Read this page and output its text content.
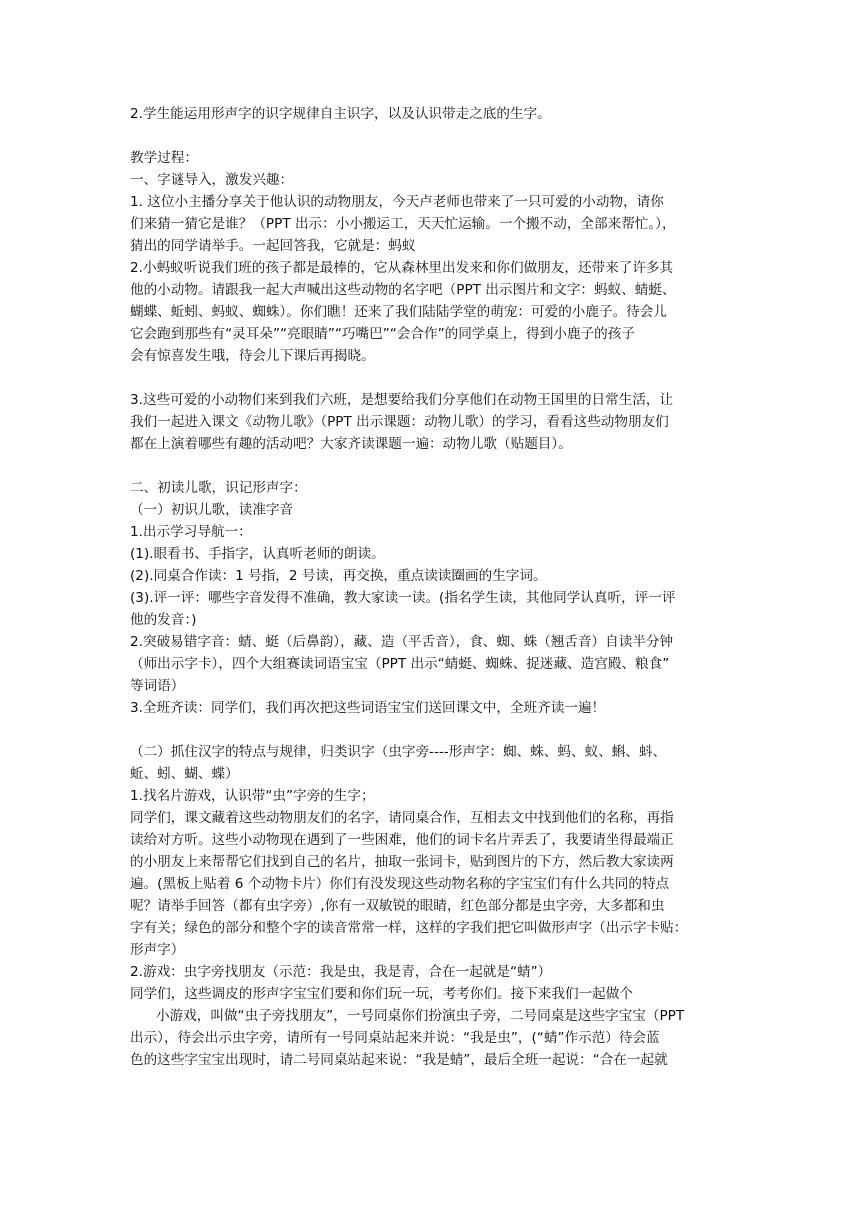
2.学生能运用形声字的识字规律自主识字，以及认识带走之底的生字。
教学过程：
一、字谜导入，激发兴趣：
1. 这位小主播分享关于他认识的动物朋友，今天卢老师也带来了一只可爱的小动物，请你
们来猜一猜它是谁？（PPT 出示：小小搬运工，天天忙运输。一个搬不动，全部来帮忙。），
猜出的同学请举手。一起回答我，它就是：蚂蚁
2.小蚂蚁听说我们班的孩子都是最棒的，它从森林里出发来和你们做朋友，还带来了许多其
他的小动物。请跟我一起大声喊出这些动物的名字吧（PPT 出示图片和文字：蚂蚁、蜻蜓、
蝴蝶、蚯蚓、蚂蚁、蜘蛛）。你们瞧！还来了我们陆陆学堂的萌宠：可爱的小鹿子。待会儿
它会跑到那些有“灵耳朵”“亮眼睛”“巧嘴巴”“会合作”的同学桌上，得到小鹿子的孩子
会有惊喜发生哦，待会儿下课后再揭晓。
3.这些可爱的小动物们来到我们六班，是想要给我们分享他们在动物王国里的日常生活，让
我们一起进入课文《动物儿歌》（PPT 出示课题：动物儿歌）的学习，看看这些动物朋友们
都在上演着哪些有趣的活动吧？大家齐读课题一遍：动物儿歌（贴题目）。
二、初读儿歌，识记形声字：
（一）初识儿歌，读准字音
1.出示学习导航一：
(1).眼看书、手指字，认真听老师的朗读。
(2).同桌合作读：1 号指，2 号读，再交换，重点读读圈画的生字词。
(3).评一评：哪些字音发得不准确，教大家读一读。(指名学生读，其他同学认真听，评一评
他的发音：)
2.突破易错字音：蜻、蜓（后鼻韵），藏、造（平舌音），食、蜘、蛛（翘舌音）自读半分钟
（师出示字卡），四个大组赛读词语宝宝（PPT 出示“蜻蜓、蜘蛛、捉迷藏、造宫殿、粮食”
等词语）
3.全班齐读：同学们，我们再次把这些词语宝宝们送回课文中，全班齐读一遍！
（二）抓住汉字的特点与规律，归类识字（虫字旁----形声字：蜘、蛛、蚂、蚁、蝌、蚪、
蚯、蚓、蝴、蝶）
1.找名片游戏，认识带“虫”字旁的生字；
同学们，课文藏着这些动物朋友们的名字，请同桌合作，互相去文中找到他们的名称，再指
读给对方听。这些小动物现在遇到了一些困难，他们的词卡名片弄丢了，我要请坐得最端正
的小朋友上来帮帮它们找到自己的名片，抽取一张词卡，贴到图片的下方，然后教大家读两
遍。(黑板上贴着 6 个动物卡片）你们有没发现这些动物名称的字宝宝们有什么共同的特点
呢？请举手回答（都有虫字旁）,你有一双敏锐的眼睛，红色部分都是虫字旁，大多都和虫
字有关；绿色的部分和整个字的读音常常一样，这样的字我们把它叫做形声字（出示字卡贴：
形声字）
2.游戏：虫字旁找朋友（示范：我是虫，我是青，合在一起就是“蜻”）
同学们，这些调皮的形声字宝宝们要和你们玩一玩，考考你们。接下来我们一起做个
小游戏，叫做“虫子旁找朋友”，一号同桌你们扮演虫子旁，二号同桌是这些字宝宝（PPT
出示），待会出示虫字旁，请所有一号同桌站起来并说：“我是虫”，(“蜻”作示范）待会蓝
色的这些字宝宝出现时，请二号同桌站起来说：“我是蜻”，最后全班一起说：“合在一起就
